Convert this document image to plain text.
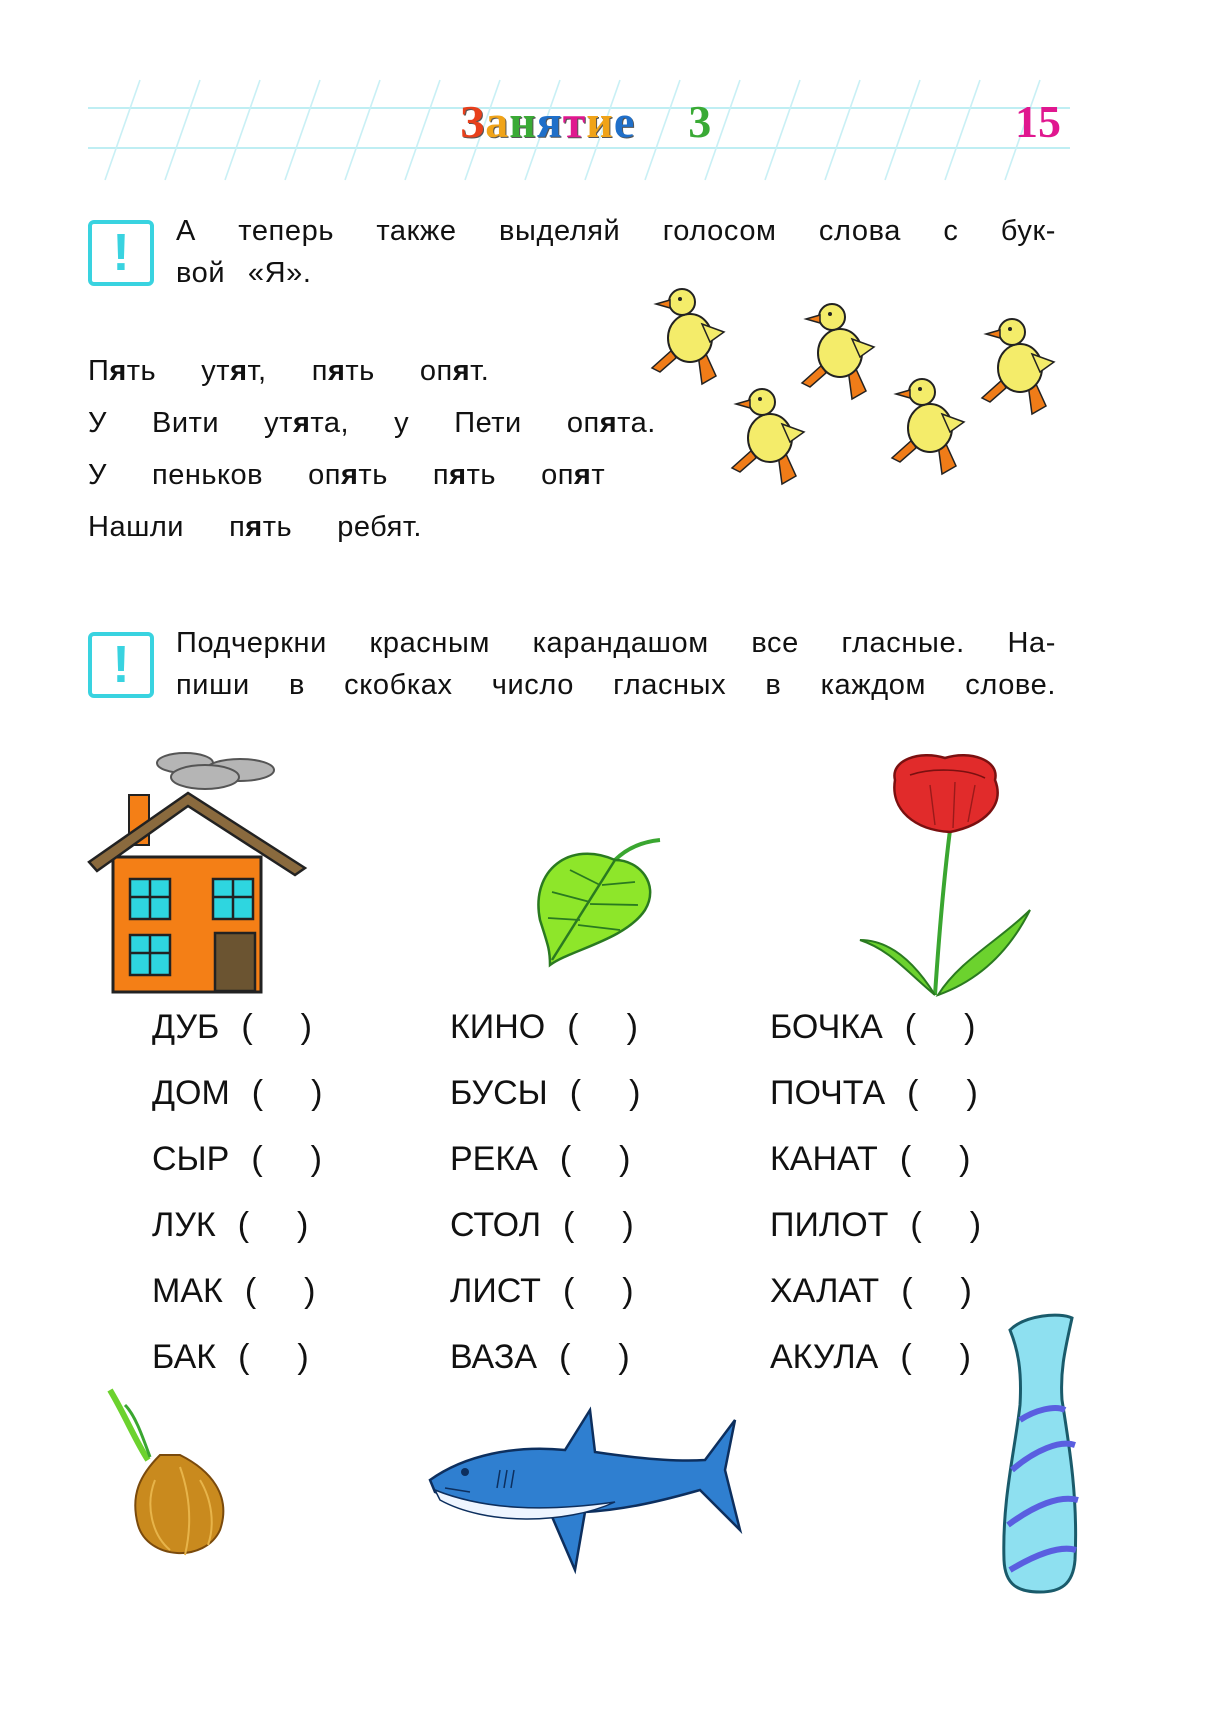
Занятие 3	15
!	А теперь также выделяй голосом слова с бук-
вой «Я».
Пять  утят,  пять  опят.
У  Вити  утята,  у  Пети  опята.
У  пеньков  опять  пять  опят
Нашли  пять  ребят.
!	Подчеркни красным карандашом все гласные. На-
пиши в скобках число гласных в каждом слове.
ДУБ ( )
ДОМ ( )
СЫР ( )
ЛУК ( )
МАК ( )
БАК ( )
КИНО ( )
БУСЫ ( )
РЕКА ( )
СТОЛ ( )
ЛИСТ ( )
ВАЗА ( )
БОЧКА ( )
ПОЧТА ( )
КАНАТ ( )
ПИЛОТ ( )
ХАЛАТ ( )
АКУЛА ( )
